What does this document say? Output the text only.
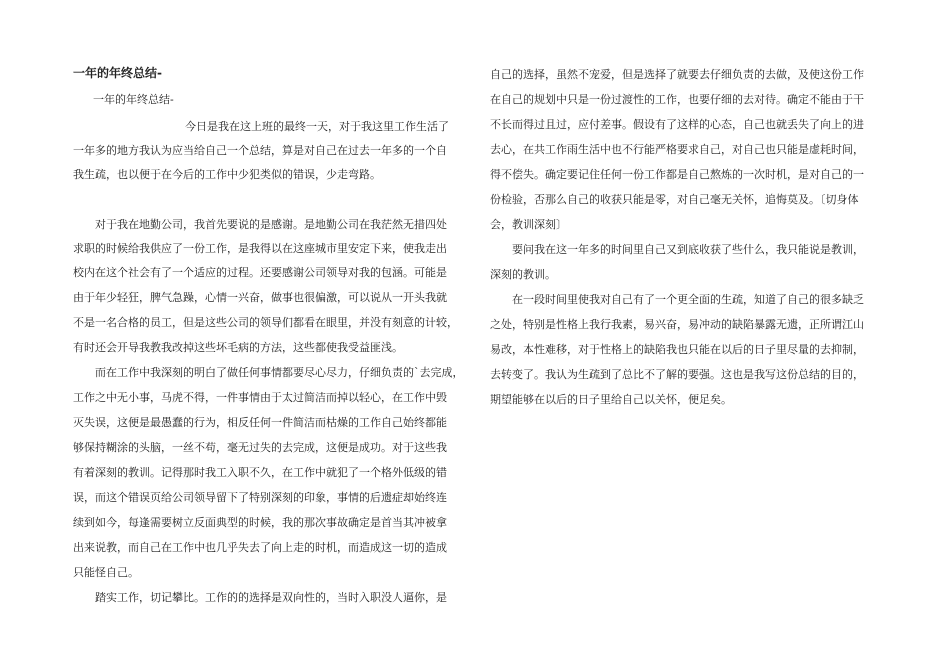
一年的年终总结-
一年的年终总结-
今日是我在这上班的最终一天，对于我这里工作生活了
一年多的地方我认为应当给自己一个总结，算是对自己在过去一年多的一个自
我生疏，也以便于在今后的工作中少犯类似的错误，少走弯路。
对于我在地勤公司，我首先要说的是感谢。是地勤公司在我茫然无措四处
求职的时候给我供应了一份工作，是我得以在这座城市里安定下来，使我走出
校内在这个社会有了一个适应的过程。还要感谢公司领导对我的包涵。可能是
由于年少轻狂，脾气急躁，心情一兴奋，做事也很偏激，可以说从一开头我就
不是一名合格的员工，但是这些公司的领导们都看在眼里，并没有刻意的计较，
有时还会开导我教我改掉这些坏毛病的方法，这些都使我受益匪浅。
而在工作中我深刻的明白了做任何事情都要尽心尽力，仔细负责的`去完成，
工作之中无小事，马虎不得，一件事情由于太过简洁而掉以轻心，在工作中毁
灭失误，这便是最愚蠢的行为，相反任何一件简洁而枯燥的工作自己始终都能
够保持糊涂的头脑，一丝不苟，毫无过失的去完成，这便是成功。对于这些我
有着深刻的教训。记得那时我工入职不久，在工作中就犯了一个格外低级的错
误，而这个错误页给公司领导留下了特别深刻的印象，事情的后遗症却始终连
续到如今，每逢需要树立反面典型的时候，我的那次事故确定是首当其冲被拿
出来说教，而自己在工作中也几乎失去了向上走的时机，而造成这一切的造成
只能怪自己。
踏实工作，切记攀比。工作的的选择是双向性的，当时入职没人逼你，是
自己的选择，虽然不宠爱，但是选择了就要去仔细负责的去做，及使这份工作
在自己的规划中只是一份过渡性的工作，也要仔细的去对待。确定不能由于干
不长而得过且过，应付差事。假设有了这样的心态，自己也就丢失了向上的进
去心，在共工作雨生活中也不行能严格要求自己，对自己也只能是虚耗时间，
得不偿失。确定要记住任何一份工作都是自己熬炼的一次时机，是对自己的一
份检验，否那么自己的收获只能是零，对自己毫无关怀，追悔莫及。〔切身体
会，教训深刻〕
要问我在这一年多的时间里自己又到底收获了些什么，我只能说是教训，
深刻的教训。
在一段时间里使我对自己有了一个更全面的生疏，知道了自己的很多缺乏
之处，特别是性格上我行我素，易兴奋，易冲动的缺陷暴露无遗，正所谓江山
易改，本性难移，对于性格上的缺陷我也只能在以后的日子里尽量的去抑制，
去转变了。我认为生疏到了总比不了解的要强。这也是我写这份总结的目的，
期望能够在以后的日子里给自己以关怀，便足矣。
